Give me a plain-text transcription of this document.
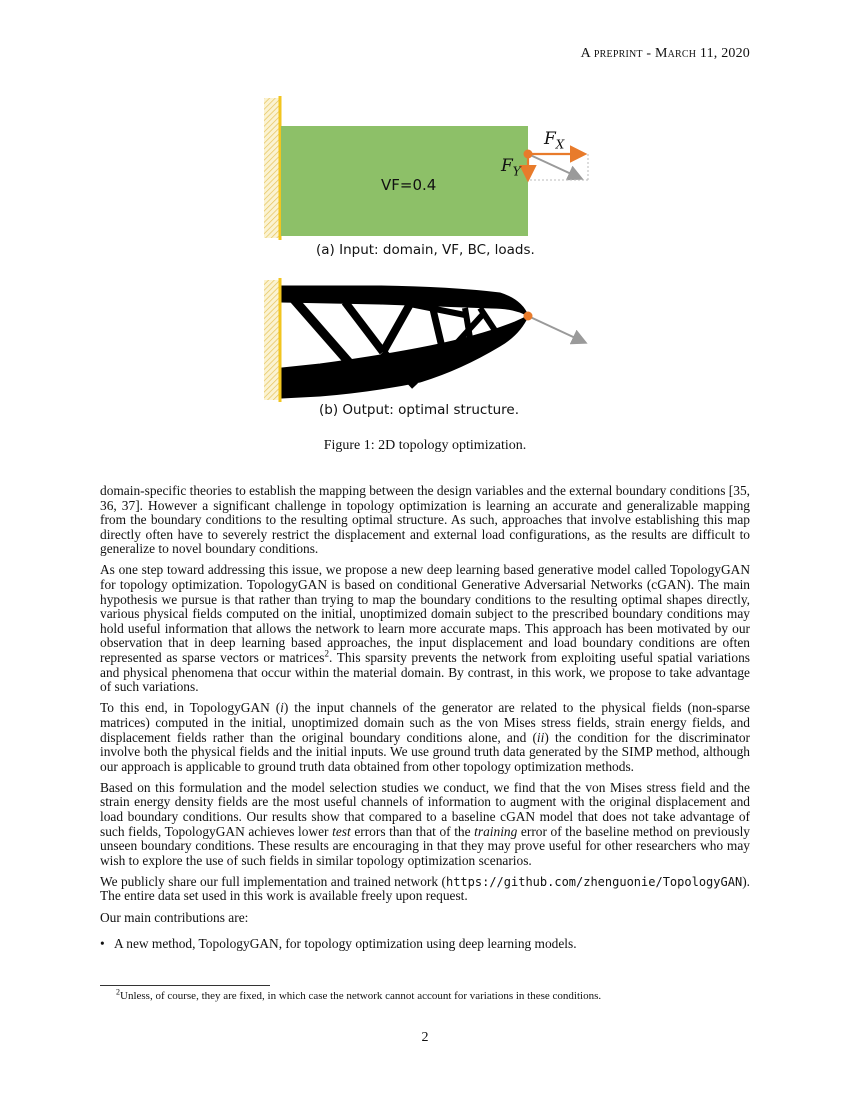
A preprint - March 11, 2020
VF=0.4
$F_X$
$F_Y$
(a) Input: domain, VF, BC, loads.
(b) Output: optimal structure.
Figure 1: 2D topology optimization.

domain-specific theories to establish the mapping between the design variables and the external boundary conditions [35, 36, 37]. However a significant challenge in topology optimization is learning an accurate and generalizable mapping from the boundary conditions to the resulting optimal structure. As such, approaches that involve establishing this map directly often have to severely restrict the displacement and external load configurations, as the results are difficult to generalize to novel boundary conditions.

As one step toward addressing this issue, we propose a new deep learning based generative model called TopologyGAN for topology optimization. TopologyGAN is based on conditional Generative Adversarial Networks (cGAN). The main hypothesis we pursue is that rather than trying to map the boundary conditions to the resulting optimal shapes directly, various physical fields computed on the initial, unoptimized domain subject to the prescribed boundary conditions may hold useful information that allows the network to learn more accurate maps. This approach has been motivated by our observation that in deep learning based approaches, the input displacement and load boundary conditions are often represented as sparse vectors or matrices$^2$. This sparsity prevents the network from exploiting useful spatial variations and physical phenomena that occur within the material domain. By contrast, in this work, we propose to take advantage of such variations.

To this end, in TopologyGAN (i) the input channels of the generator are related to the physical fields (non-sparse matrices) computed in the initial, unoptimized domain such as the von Mises stress fields, strain energy fields, and displacement fields rather than the original boundary conditions alone, and (ii) the condition for the discriminator involve both the physical fields and the initial inputs. We use ground truth data generated by the SIMP method, although our approach is applicable to ground truth data obtained from other topology optimization methods.

Based on this formulation and the model selection studies we conduct, we find that the von Mises stress field and the strain energy density fields are the most useful channels of information to augment with the original displacement and load boundary conditions. Our results show that compared to a baseline cGAN model that does not take advantage of such fields, TopologyGAN achieves lower test errors than that of the training error of the baseline method on previously unseen boundary conditions. These results are encouraging in that they may prove useful for other researchers who may wish to explore the use of such fields in similar topology optimization scenarios.

We publicly share our full implementation and trained network (https://github.com/zhenguonie/TopologyGAN). The entire data set used in this work is available freely upon request.

Our main contributions are:

• A new method, TopologyGAN, for topology optimization using deep learning models.
$^2$Unless, of course, they are fixed, in which case the network cannot account for variations in these conditions.
2
